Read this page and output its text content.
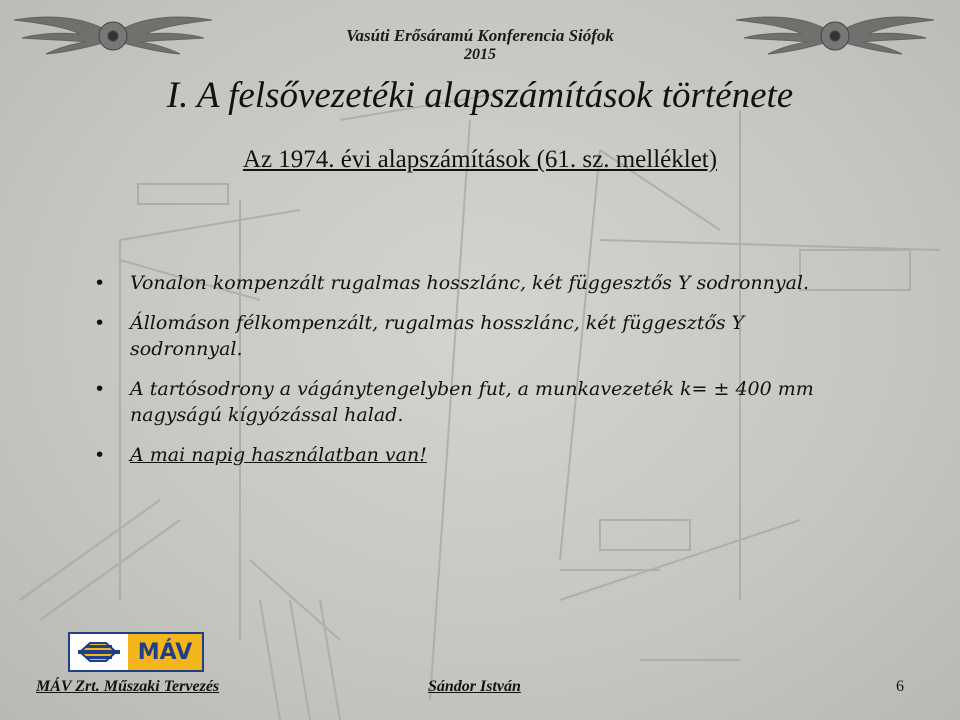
Vasúti Erősáramú Konferencia Siófok
2015
I. A felsővezetéki alapszámítások története
Az 1974. évi alapszámítások (61. sz. melléklet)
• Vonalon kompenzált rugalmas hosszlánc, két függesztős Y sodronnyal.
• Állomáson félkompenzált, rugalmas hosszlánc, két függesztős Y sodronnyal.
• A tartósodrony a vágánytengelyben fut, a munkavezeték k= ± 400 mm nagyságú kígyózással halad.
• A mai napig használatban van!
MÁV
MÁV Zrt. Műszaki Tervezés	Sándor István	6
